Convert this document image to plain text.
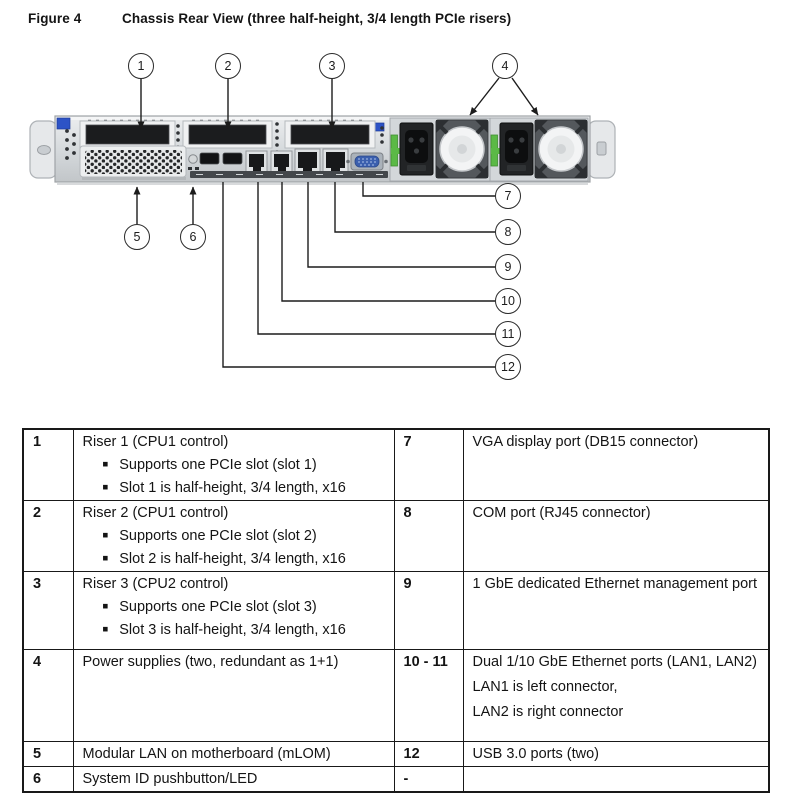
Figure 4	Chassis Rear View (three half-height, 3/4 length PCIe risers)
1	2	3	4
5	6
7
8
9
10
11
12
1	Riser 1 (CPU1 control)
■ Supports one PCIe slot (slot 1)
■ Slot 1 is half-height, 3/4 length, x16	7	VGA display port (DB15 connector)

2	Riser 2 (CPU1 control)
■ Supports one PCIe slot (slot 2)
■ Slot 2 is half-height, 3/4 length, x16	8	COM port (RJ45 connector)

3	Riser 3 (CPU2 control)
■ Supports one PCIe slot (slot 3)
■ Slot 3 is half-height, 3/4 length, x16	9	1 GbE dedicated Ethernet management port

4	Power supplies (two, redundant as 1+1)	10 - 11	Dual 1/10 GbE Ethernet ports (LAN1, LAN2)
LAN1 is left connector,
LAN2 is right connector

5	Modular LAN on motherboard (mLOM)	12	USB 3.0 ports (two)

6	System ID pushbutton/LED	-	
